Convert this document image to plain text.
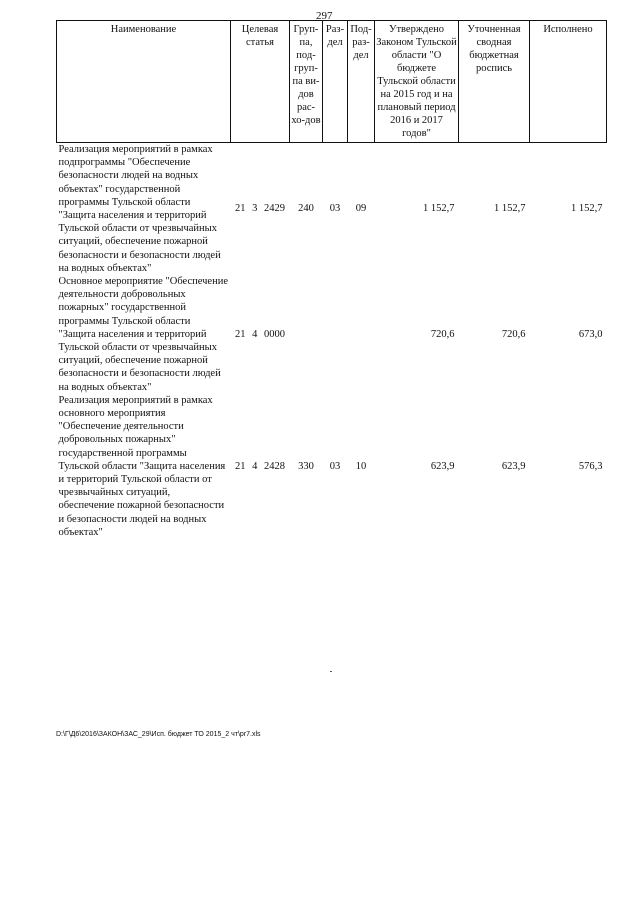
297
Наименование	Целевая статья	Груп-па, под-груп-па ви-дов рас-хо-дов	Раз-дел	Под-раз-дел	Утверждено Законом Тульской области "О бюджете Тульской области на 2015 год и на плановый период 2016 и 2017 годов"	Уточненная сводная бюджетная роспись	Исполнено
Реализация мероприятий в рамках подпрограммы "Обеспечение безопасности людей на водных объектах" государственной программы Тульской области "Защита населения и территорий Тульской области от чрезвычайных ситуаций, обеспечение пожарной безопасности и безопасности людей на водных объектах"	21 3 2429	240	03	09	1 152,7	1 152,7	1 152,7
Основное мероприятие "Обеспечение деятельности добровольных пожарных" государственной программы Тульской области "Защита населения и территорий Тульской области от чрезвычайных ситуаций, обеспечение пожарной безопасности и безопасности людей на водных объектах"	21 4 0000				720,6	720,6	673,0
Реализация мероприятий в рамках основного мероприятия "Обеспечение деятельности добровольных пожарных" государственной программы Тульской области "Защита населения и территорий Тульской области от чрезвычайных ситуаций, обеспечение пожарной безопасности и безопасности людей на водных объектах"	21 4 2428	330	03	10	623,9	623,9	576,3
D:\Г\Д6\2016\ЗАКОН\ЗАС_29\Исп. бюджет ТО 2015_2 чт\pr7.xls
